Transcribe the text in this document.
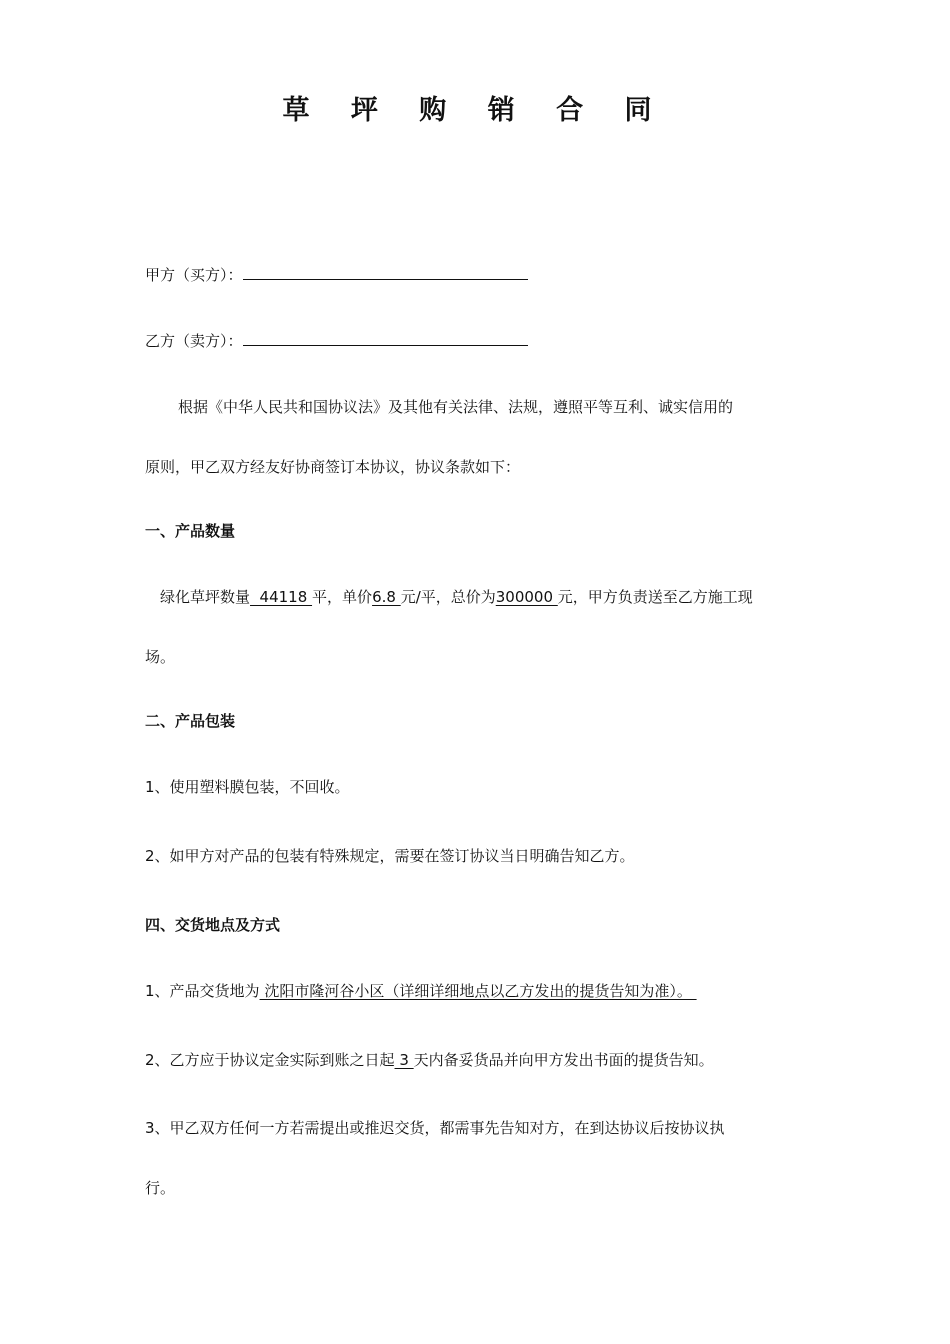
草 坪 购 销 合 同
甲方（买方）：
乙方（卖方）：
根据《中华人民共和国协议法》及其他有关法律、法规，遵照平等互利、诚实信用的
原则，甲乙双方经友好协商签订本协议，协议条款如下：
一、产品数量
绿化草坪数量  44118 平，单价6.8 元/平，总价为300000 元，甲方负责送至乙方施工现
场。
二、产品包装
1、使用塑料膜包装，不回收。
2、如甲方对产品的包装有特殊规定，需要在签订协议当日明确告知乙方。
四、交货地点及方式
1、产品交货地为 沈阳市隆河谷小区（详细详细地点以乙方发出的提货告知为准）。
2、乙方应于协议定金实际到账之日起 3 天内备妥货品并向甲方发出书面的提货告知。
3、甲乙双方任何一方若需提出或推迟交货，都需事先告知对方，在到达协议后按协议执
行。
